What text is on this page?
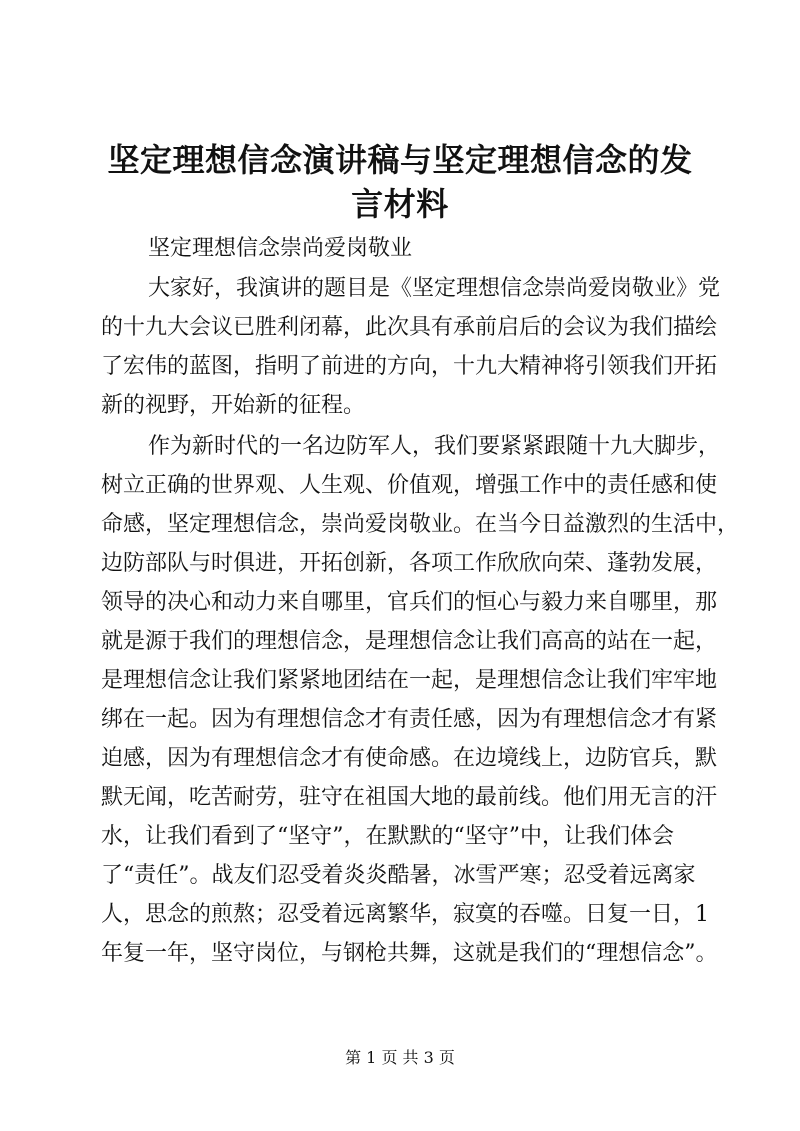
坚定理想信念演讲稿与坚定理想信念的发言材料

坚定理想信念崇尚爱岗敬业

大家好，我演讲的题目是《坚定理想信念崇尚爱岗敬业》党

的十九大会议已胜利闭幕，此次具有承前启后的会议为我们描绘

了宏伟的蓝图，指明了前进的方向，十九大精神将引领我们开拓

新的视野，开始新的征程。

作为新时代的一名边防军人，我们要紧紧跟随十九大脚步，

树立正确的世界观、人生观、价值观，增强工作中的责任感和使

命感，坚定理想信念，崇尚爱岗敬业。在当今日益激烈的生活中，

边防部队与时俱进，开拓创新，各项工作欣欣向荣、蓬勃发展，

领导的决心和动力来自哪里，官兵们的恒心与毅力来自哪里，那

就是源于我们的理想信念，是理想信念让我们高高的站在一起，

是理想信念让我们紧紧地团结在一起，是理想信念让我们牢牢地

绑在一起。因为有理想信念才有责任感，因为有理想信念才有紧

迫感，因为有理想信念才有使命感。在边境线上，边防官兵，默

默无闻，吃苦耐劳，驻守在祖国大地的最前线。他们用无言的汗

水，让我们看到了“坚守”，在默默的“坚守”中，让我们体会

了“责任”。战友们忍受着炎炎酷暑，冰雪严寒；忍受着远离家

人，思念的煎熬；忍受着远离繁华，寂寞的吞噬。日复一日，1

年复一年，坚守岗位，与钢枪共舞，这就是我们的“理想信念”。

第 1 页 共 3 页
